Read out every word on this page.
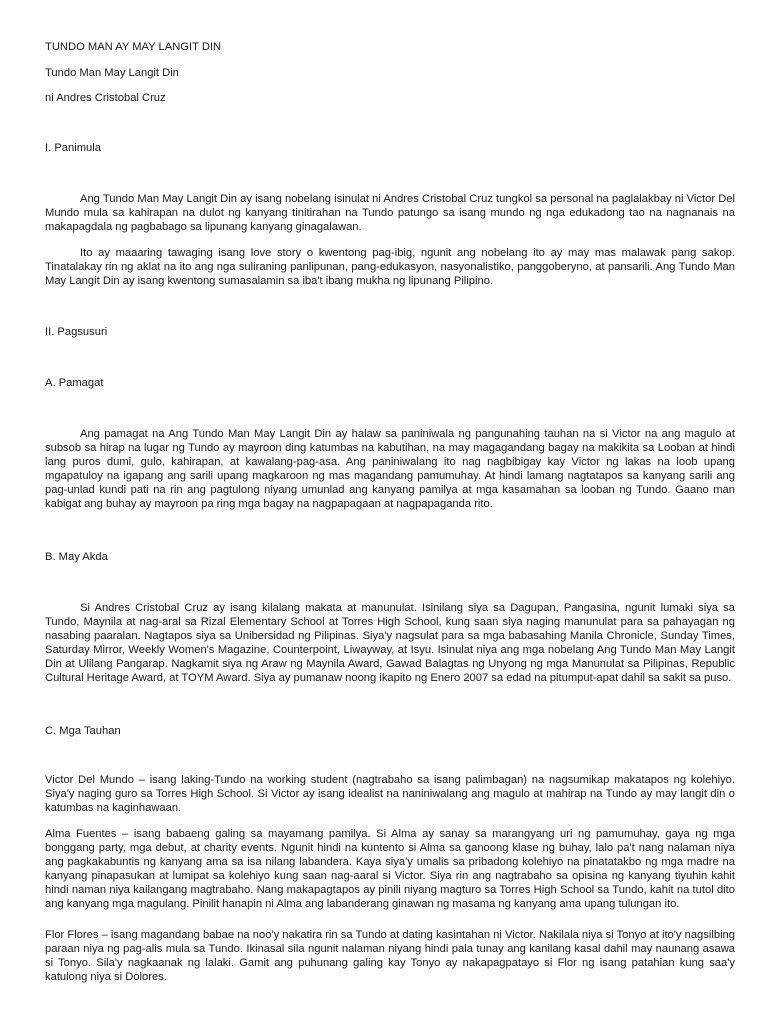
TUNDO MAN AY MAY LANGIT DIN
Tundo Man May Langit Din
ni Andres Cristobal Cruz
I. Panimula
Ang Tundo Man May Langit Din ay isang nobelang isinulat ni Andres Cristobal Cruz tungkol sa personal na paglalakbay ni Victor Del Mundo mula sa kahirapan na dulot ng kanyang tinitirahan na Tundo patungo sa isang mundo ng nga edukadong tao na nagnanais na makapagdala ng pagbabago sa lipunang kanyang ginagalawan.
Ito ay maaaring tawaging isang love story o kwentong pag-ibig, ngunit ang nobelang ito ay may mas malawak pang sakop. Tinatalakay rin ng aklat na ito ang nga suliraning panlipunan, pang-edukasyon, nasyonalistiko, panggoberyno, at pansarili. Ang Tundo Man May Langit Din ay isang kwentong sumasalamin sa iba't ibang mukha ng lipunang Pilipino.
II. Pagsusuri
A. Pamagat
Ang pamagat na Ang Tundo Man May Langit Din ay halaw sa paniniwala ng pangunahing tauhan na si Victor na ang magulo at subsob sa hirap na lugar ng Tundo ay mayroon ding katumbas na kabutihan, na may magagandang bagay na makikita sa Looban at hindi lang puros dumi, gulo, kahirapan, at kawalang-pag-asa. Ang paniniwalang ito nag nagbibigay kay Victor ng lakas na loob upang mgapatuloy na igapang ang sarili upang magkaroon ng mas magandang pamumuhay. At hindi lamang nagtatapos sa kanyang sarili ang pag-unlad kundi pati na rin ang pagtulong niyang umunlad ang kanyang pamilya at mga kasamahan sa looban ng Tundo. Gaano man kabigat ang buhay ay mayroon pa ring mga bagay na nagpapagaan at nagpapaganda rito.
B. May Akda
Si Andres Cristobal Cruz ay isang kilalang makata at manunulat. Isinilang siya sa Dagupan, Pangasina, ngunit lumaki siya sa Tundo, Maynila at nag-aral sa Rizal Elementary School at Torres High School, kung saan siya naging manunulat para sa pahayagan ng nasabing paaralan. Nagtapos siya sa Unibersidad ng Pilipinas. Siya'y nagsulat para sa mga babasahing Manila Chronicle, Sunday Times, Saturday Mirror, Weekly Women's Magazine, Counterpoint, Liwayway, at Isyu. Isinulat niya ang mga nobelang Ang Tundo Man May Langit Din at Ulilang Pangarap. Nagkamit siya ng Araw ng Maynila Award, Gawad Balagtas ng Unyong ng mga Manunulat sa Pilipinas, Republic Cultural Heritage Award, at TOYM Award. Siya ay pumanaw noong ikapito ng Enero 2007 sa edad na pitumput-apat dahil sa sakit sa puso.
C. Mga Tauhan
Victor Del Mundo – isang laking-Tundo na working student (nagtrabaho sa isang palimbagan) na nagsumikap makatapos ng kolehiyo. Siya'y naging guro sa Torres High School. Si Victor ay isang idealist na naniniwalang ang magulo at mahirap na Tundo ay may langit din o katumbas na kaginhawaan.
Alma Fuentes – isang babaeng galing sa mayamang pamilya. Si Alma ay sanay sa marangyang uri ng pamumuhay, gaya ng mga bonggang party, mga debut, at charity events. Ngunit hindi na kuntento si Alma sa ganoong klase ng buhay, lalo pa't nang nalaman niya ang pagkakabuntis ng kanyang ama sa isa nilang labandera. Kaya siya'y umalis sa pribadong kolehiyo na pinatatakbo ng mga madre na kanyang pinapasukan at lumipat sa kolehiyo kung saan nag-aaral si Victor. Siya rin ang nagtrabaho sa opisina ng kanyang tiyuhin kahit hindi naman niya kailangang magtrabaho. Nang makapagtapos ay pinili niyang magturo sa Torres High School sa Tundo, kahit na tutol dito ang kanyang mga magulang. Pinilit hanapin ni Alma ang labanderang ginawan ng masama ng kanyang ama upang tulungan ito.
Flor Flores – isang magandang babae na noo'y nakatira rin sa Tundo at dating kasintahan ni Victor. Nakilala niya si Tonyo at ito'y nagsilbing paraan niya ng pag-alis mula sa Tundo. Ikinasal sila ngunit nalaman niyang hindi pala tunay ang kanilang kasal dahil may naunang asawa si Tonyo. Sila'y nagkaanak ng lalaki. Gamit ang puhunang galing kay Tonyo ay nakapagpatayo si Flor ng isang patahian kung saa'y katulong niya si Dolores.
